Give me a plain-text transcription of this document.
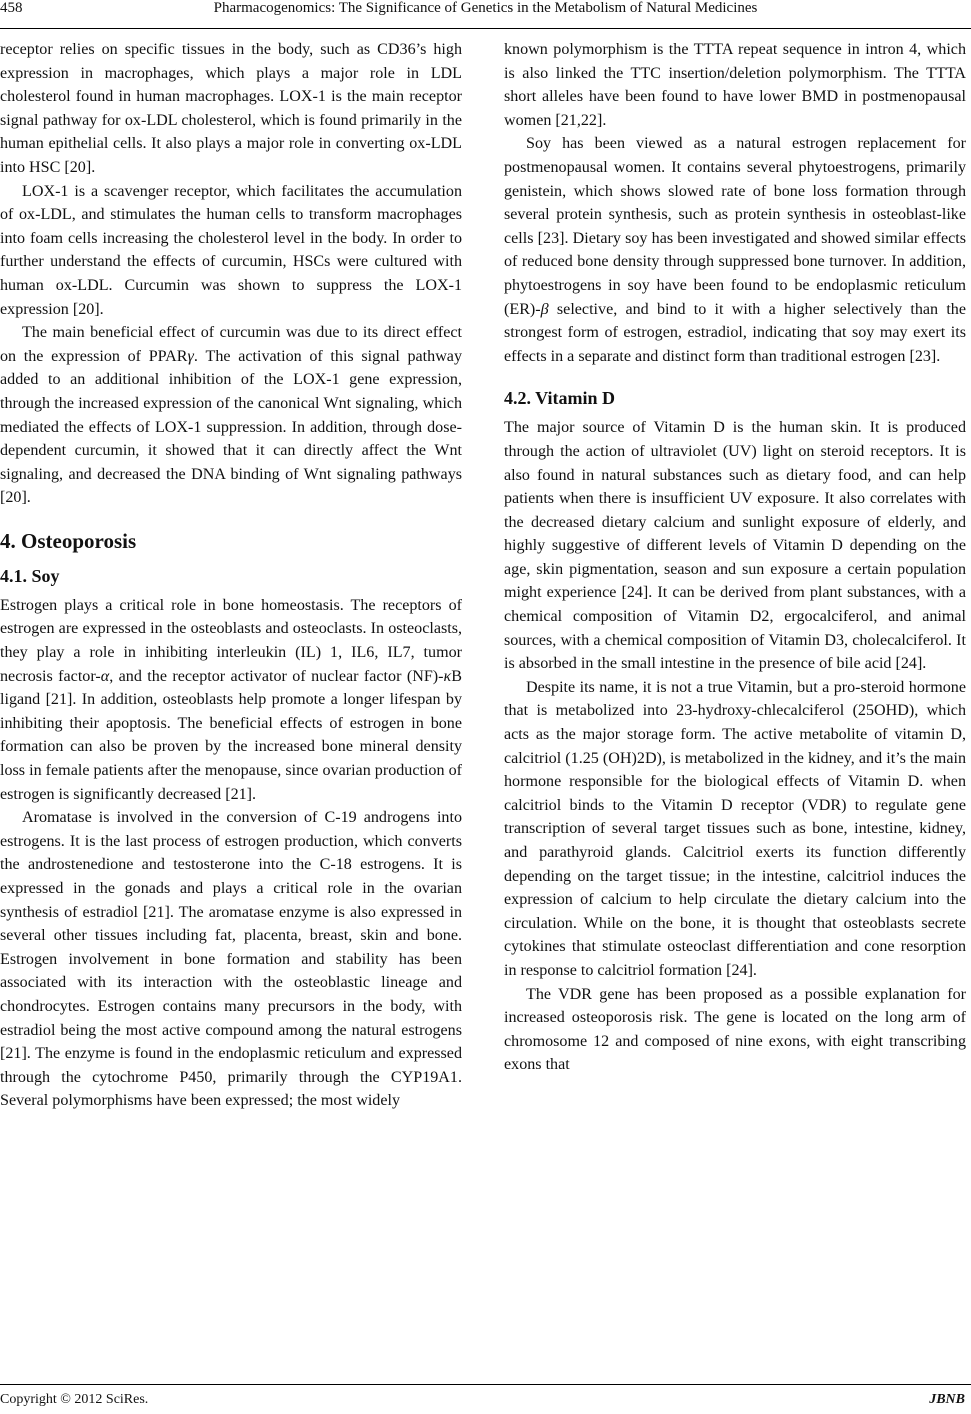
458	Pharmacogenomics: The Significance of Genetics in the Metabolism of Natural Medicines

receptor relies on specific tissues in the body, such as CD36’s high expression in macrophages, which plays a major role in LDL cholesterol found in human macrophages. LOX-1 is the main receptor signal pathway for ox-LDL cholesterol, which is found primarily in the human epithelial cells. It also plays a major role in converting ox-LDL into HSC [20].

LOX-1 is a scavenger receptor, which facilitates the accumulation of ox-LDL, and stimulates the human cells to transform macrophages into foam cells increasing the cholesterol level in the body. In order to further understand the effects of curcumin, HSCs were cultured with human ox-LDL. Curcumin was shown to suppress the LOX-1 expression [20].

The main beneficial effect of curcumin was due to its direct effect on the expression of PPARγ. The activation of this signal pathway added to an additional inhibition of the LOX-1 gene expression, through the increased expression of the canonical Wnt signaling, which mediated the effects of LOX-1 suppression. In addition, through dose-dependent curcumin, it showed that it can directly affect the Wnt signaling, and decreased the DNA binding of Wnt signaling pathways [20].

4. Osteoporosis
4.1. Soy

Estrogen plays a critical role in bone homeostasis. The receptors of estrogen are expressed in the osteoblasts and osteoclasts. In osteoclasts, they play a role in inhibiting interleukin (IL) 1, IL6, IL7, tumor necrosis factor-α, and the receptor activator of nuclear factor (NF)-κB ligand [21]. In addition, osteoblasts help promote a longer lifespan by inhibiting their apoptosis. The beneficial effects of estrogen in bone formation can also be proven by the increased bone mineral density loss in female patients after the menopause, since ovarian production of estrogen is significantly decreased [21].

Aromatase is involved in the conversion of C-19 androgens into estrogens. It is the last process of estrogen production, which converts the androstenedione and testosterone into the C-18 estrogens. It is expressed in the gonads and plays a critical role in the ovarian synthesis of estradiol [21]. The aromatase enzyme is also expressed in several other tissues including fat, placenta, breast, skin and bone. Estrogen involvement in bone formation and stability has been associated with its interaction with the osteoblastic lineage and chondrocytes. Estrogen contains many precursors in the body, with estradiol being the most active compound among the natural estrogens [21]. The enzyme is found in the endoplasmic reticulum and expressed through the cytochrome P450, primarily through the CYP19A1. Several polymorphisms have been expressed; the most widely

known polymorphism is the TTTA repeat sequence in intron 4, which is also linked the TTC insertion/deletion polymorphism. The TTTA short alleles have been found to have lower BMD in postmenopausal women [21,22].

Soy has been viewed as a natural estrogen replacement for postmenopausal women. It contains several phytoestrogens, primarily genistein, which shows slowed rate of bone loss formation through several protein synthesis, such as protein synthesis in osteoblast-like cells [23]. Dietary soy has been investigated and showed similar effects of reduced bone density through suppressed bone turnover. In addition, phytoestrogens in soy have been found to be endoplasmic reticulum (ER)-β selective, and bind to it with a higher selectively than the strongest form of estrogen, estradiol, indicating that soy may exert its effects in a separate and distinct form than traditional estrogen [23].

4.2. Vitamin D

The major source of Vitamin D is the human skin. It is produced through the action of ultraviolet (UV) light on steroid receptors. It is also found in natural substances such as dietary food, and can help patients when there is insufficient UV exposure. It also correlates with the decreased dietary calcium and sunlight exposure of elderly, and highly suggestive of different levels of Vitamin D depending on the age, skin pigmentation, season and sun exposure a certain population might experience [24]. It can be derived from plant substances, with a chemical composition of Vitamin D2, ergocalciferol, and animal sources, with a chemical composition of Vitamin D3, cholecalciferol. It is absorbed in the small intestine in the presence of bile acid [24].

Despite its name, it is not a true Vitamin, but a pro-steroid hormone that is metabolized into 23-hydroxy-chlecalciferol (25OHD), which acts as the major storage form. The active metabolite of vitamin D, calcitriol (1.25 (OH)2D), is metabolized in the kidney, and it’s the main hormone responsible for the biological effects of Vitamin D. when calcitriol binds to the Vitamin D receptor (VDR) to regulate gene transcription of several target tissues such as bone, intestine, kidney, and parathyroid glands. Calcitriol exerts its function differently depending on the target tissue; in the intestine, calcitriol induces the expression of calcium to help circulate the dietary calcium into the circulation. While on the bone, it is thought that osteoblasts secrete cytokines that stimulate osteoclast differentiation and cone resorption in response to calcitriol formation [24].

The VDR gene has been proposed as a possible explanation for increased osteoporosis risk. The gene is located on the long arm of chromosome 12 and composed of nine exons, with eight transcribing exons that

Copyright © 2012 SciRes.	JBNB
